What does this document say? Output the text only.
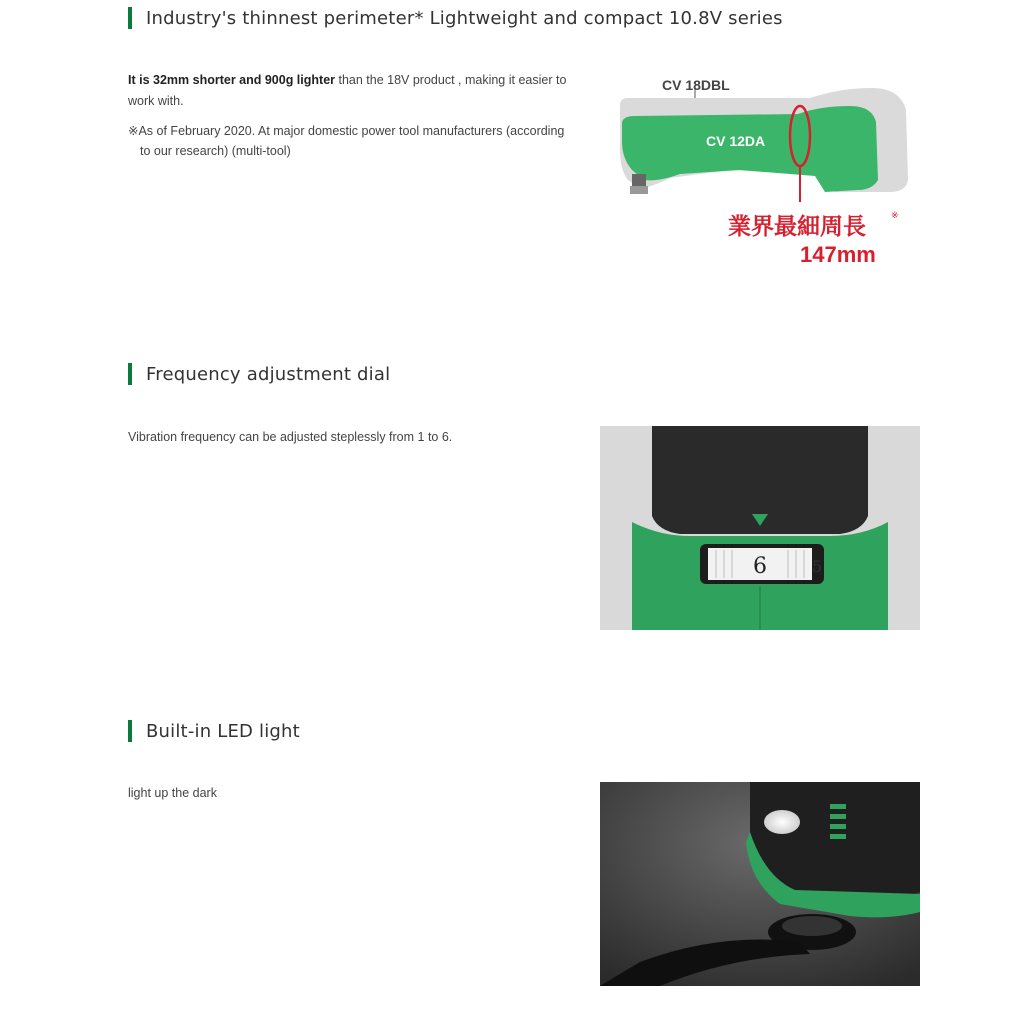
Industry's thinnest perimeter* Lightweight and compact 10.8V series
It is 32mm shorter and 900g lighter than the 18V product , making it easier to work with.
※As of February 2020. At major domestic power tool manufacturers (according
to our research) (multi-tool)
CV 18DBL
CV 12DA
業界最細周長	※
147mm
Frequency adjustment dial
Vibration frequency can be adjusted steplessly from 1 to 6.
6	5
Built-in LED light
light up the dark
